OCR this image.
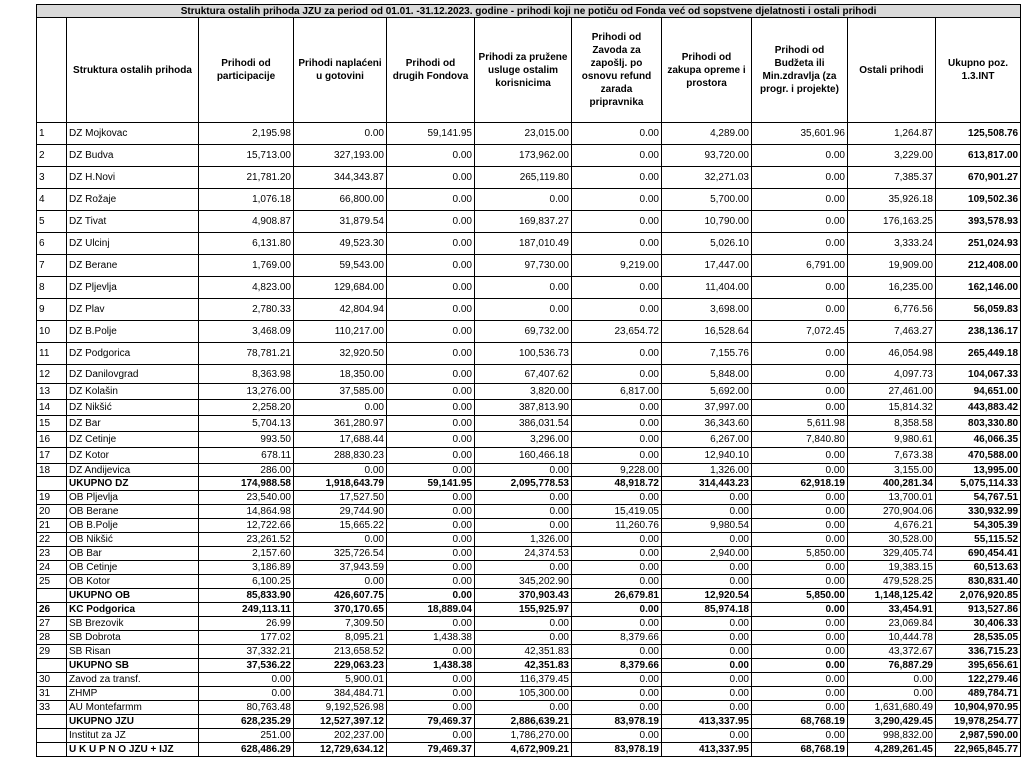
Struktura ostalih prihoda JZU za period od 01.01. -31.12.2023. godine - prihodi koji ne potiču od Fonda već od sopstvene djelatnosti i ostali prihodi										
	Struktura ostalih prihoda	Prihodi od participacije	Prihodi naplaćeni u gotovini	Prihodi od drugih Fondova	Prihodi za pružene usluge ostalim korisnicima	Prihodi od Zavoda za zapošlj. po osnovu refund zarada pripravnika	Prihodi od zakupa opreme i prostora	Prihodi od Budžeta ili Min.zdravlja (za progr. i projekte)	Ostali prihodi	Ukupno poz. 1.3.INT
1	DZ Mojkovac	2,195.98	0.00	59,141.95	23,015.00	0.00	4,289.00	35,601.96	1,264.87	125,508.76
2	DZ Budva	15,713.00	327,193.00	0.00	173,962.00	0.00	93,720.00	0.00	3,229.00	613,817.00
3	DZ H.Novi	21,781.20	344,343.87	0.00	265,119.80	0.00	32,271.03	0.00	7,385.37	670,901.27
4	DZ Rožaje	1,076.18	66,800.00	0.00	0.00	0.00	5,700.00	0.00	35,926.18	109,502.36
5	DZ Tivat	4,908.87	31,879.54	0.00	169,837.27	0.00	10,790.00	0.00	176,163.25	393,578.93
6	DZ Ulcinj	6,131.80	49,523.30	0.00	187,010.49	0.00	5,026.10	0.00	3,333.24	251,024.93
7	DZ Berane	1,769.00	59,543.00	0.00	97,730.00	9,219.00	17,447.00	6,791.00	19,909.00	212,408.00
8	DZ Pljevlja	4,823.00	129,684.00	0.00	0.00	0.00	11,404.00	0.00	16,235.00	162,146.00
9	DZ Plav	2,780.33	42,804.94	0.00	0.00	0.00	3,698.00	0.00	6,776.56	56,059.83
10	DZ B.Polje	3,468.09	110,217.00	0.00	69,732.00	23,654.72	16,528.64	7,072.45	7,463.27	238,136.17
11	DZ Podgorica	78,781.21	32,920.50	0.00	100,536.73	0.00	7,155.76	0.00	46,054.98	265,449.18
12	DZ Danilovgrad	8,363.98	18,350.00	0.00	67,407.62	0.00	5,848.00	0.00	4,097.73	104,067.33
13	DZ Kolašin	13,276.00	37,585.00	0.00	3,820.00	6,817.00	5,692.00	0.00	27,461.00	94,651.00
14	DZ Nikšić	2,258.20	0.00	0.00	387,813.90	0.00	37,997.00	0.00	15,814.32	443,883.42
15	DZ Bar	5,704.13	361,280.97	0.00	386,031.54	0.00	36,343.60	5,611.98	8,358.58	803,330.80
16	DZ Cetinje	993.50	17,688.44	0.00	3,296.00	0.00	6,267.00	7,840.80	9,980.61	46,066.35
17	DZ Kotor	678.11	288,830.23	0.00	160,466.18	0.00	12,940.10	0.00	7,673.38	470,588.00
18	DZ Andijevica	286.00	0.00	0.00	0.00	9,228.00	1,326.00	0.00	3,155.00	13,995.00
	UKUPNO DZ	174,988.58	1,918,643.79	59,141.95	2,095,778.53	48,918.72	314,443.23	62,918.19	400,281.34	5,075,114.33
19	OB Pljevlja	23,540.00	17,527.50	0.00	0.00	0.00	0.00	0.00	13,700.01	54,767.51
20	OB Berane	14,864.98	29,744.90	0.00	0.00	15,419.05	0.00	0.00	270,904.06	330,932.99
21	OB B.Polje	12,722.66	15,665.22	0.00	0.00	11,260.76	9,980.54	0.00	4,676.21	54,305.39
22	OB Nikšić	23,261.52	0.00	0.00	1,326.00	0.00	0.00	0.00	30,528.00	55,115.52
23	OB Bar	2,157.60	325,726.54	0.00	24,374.53	0.00	2,940.00	5,850.00	329,405.74	690,454.41
24	OB Cetinje	3,186.89	37,943.59	0.00	0.00	0.00	0.00	0.00	19,383.15	60,513.63
25	OB Kotor	6,100.25	0.00	0.00	345,202.90	0.00	0.00	0.00	479,528.25	830,831.40
	UKUPNO OB	85,833.90	426,607.75	0.00	370,903.43	26,679.81	12,920.54	5,850.00	1,148,125.42	2,076,920.85
26	KC Podgorica	249,113.11	370,170.65	18,889.04	155,925.97	0.00	85,974.18	0.00	33,454.91	913,527.86
27	SB Brezovik	26.99	7,309.50	0.00	0.00	0.00	0.00	0.00	23,069.84	30,406.33
28	SB Dobrota	177.02	8,095.21	1,438.38	0.00	8,379.66	0.00	0.00	10,444.78	28,535.05
29	SB Risan	37,332.21	213,658.52	0.00	42,351.83	0.00	0.00	0.00	43,372.67	336,715.23
	UKUPNO SB	37,536.22	229,063.23	1,438.38	42,351.83	8,379.66	0.00	0.00	76,887.29	395,656.61
30	Zavod za transf.	0.00	5,900.01	0.00	116,379.45	0.00	0.00	0.00	0.00	122,279.46
31	ZHMP	0.00	384,484.71	0.00	105,300.00	0.00	0.00	0.00	0.00	489,784.71
33	AU Montefarmm	80,763.48	9,192,526.98	0.00	0.00	0.00	0.00	0.00	1,631,680.49	10,904,970.95
	UKUPNO JZU	628,235.29	12,527,397.12	79,469.37	2,886,639.21	83,978.19	413,337.95	68,768.19	3,290,429.45	19,978,254.77
	Institut za JZ	251.00	202,237.00	0.00	1,786,270.00	0.00	0.00	0.00	998,832.00	2,987,590.00
	U K U P N O JZU + IJZ	628,486.29	12,729,634.12	79,469.37	4,672,909.21	83,978.19	413,337.95	68,768.19	4,289,261.45	22,965,845.77
